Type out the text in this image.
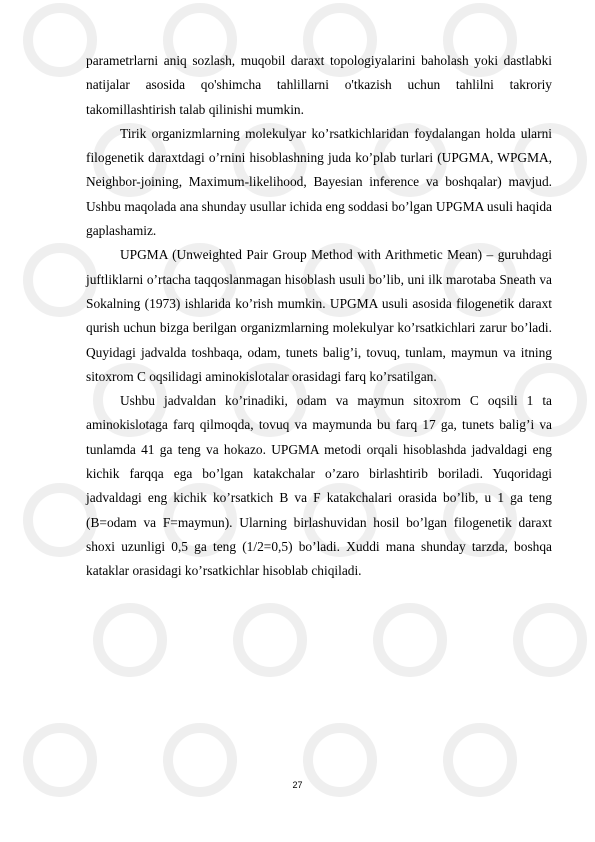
parametrlarni aniq sozlash, muqobil daraxt topologiyalarini baholash yoki dastlabki natijalar asosida qo'shimcha tahlillarni o'tkazish uchun tahlilni takroriy takomillashtirish talab qilinishi mumkin.

Tirik organizmlarning molekulyar ko’rsatkichlaridan foydalangan holda ularni filogenetik daraxtdagi o’rnini hisoblashning juda ko’plab turlari (UPGMA, WPGMA, Neighbor-joining, Maximum-likelihood, Bayesian inference va boshqalar) mavjud. Ushbu maqolada ana shunday usullar ichida eng soddasi bo’lgan UPGMA usuli haqida gaplashamiz.

UPGMA (Unweighted Pair Group Method with Arithmetic Mean) – guruhdagi juftliklarni o’rtacha taqqoslanmagan hisoblash usuli bo’lib, uni ilk marotaba Sneath va Sokalning (1973) ishlarida ko’rish mumkin. UPGMA usuli asosida filogenetik daraxt qurish uchun bizga berilgan organizmlarning molekulyar ko’rsatkichlari zarur bo’ladi. Quyidagi jadvalda toshbaqa, odam, tunets balig’i, tovuq, tunlam, maymun va itning sitoxrom C oqsilidagi aminokislotalar orasidagi farq ko’rsatilgan.

Ushbu jadvaldan ko’rinadiki, odam va maymun sitoxrom C oqsili 1 ta aminokislotaga farq qilmoqda, tovuq va maymunda bu farq 17 ga, tunets balig’i va tunlamda 41 ga teng va hokazo. UPGMA metodi orqali hisoblashda jadvaldagi eng kichik farqqa ega bo’lgan katakchalar o’zaro birlashtirib boriladi. Yuqoridagi jadvaldagi eng kichik ko’rsatkich B va F katakchalari orasida bo’lib, u 1 ga teng (B=odam va F=maymun). Ularning birlashuvidan hosil bo’lgan filogenetik daraxt shoxi uzunligi 0,5 ga teng (1/2=0,5) bo’ladi. Xuddi mana shunday tarzda, boshqa kataklar orasidagi ko’rsatkichlar hisoblab chiqiladi.

27
